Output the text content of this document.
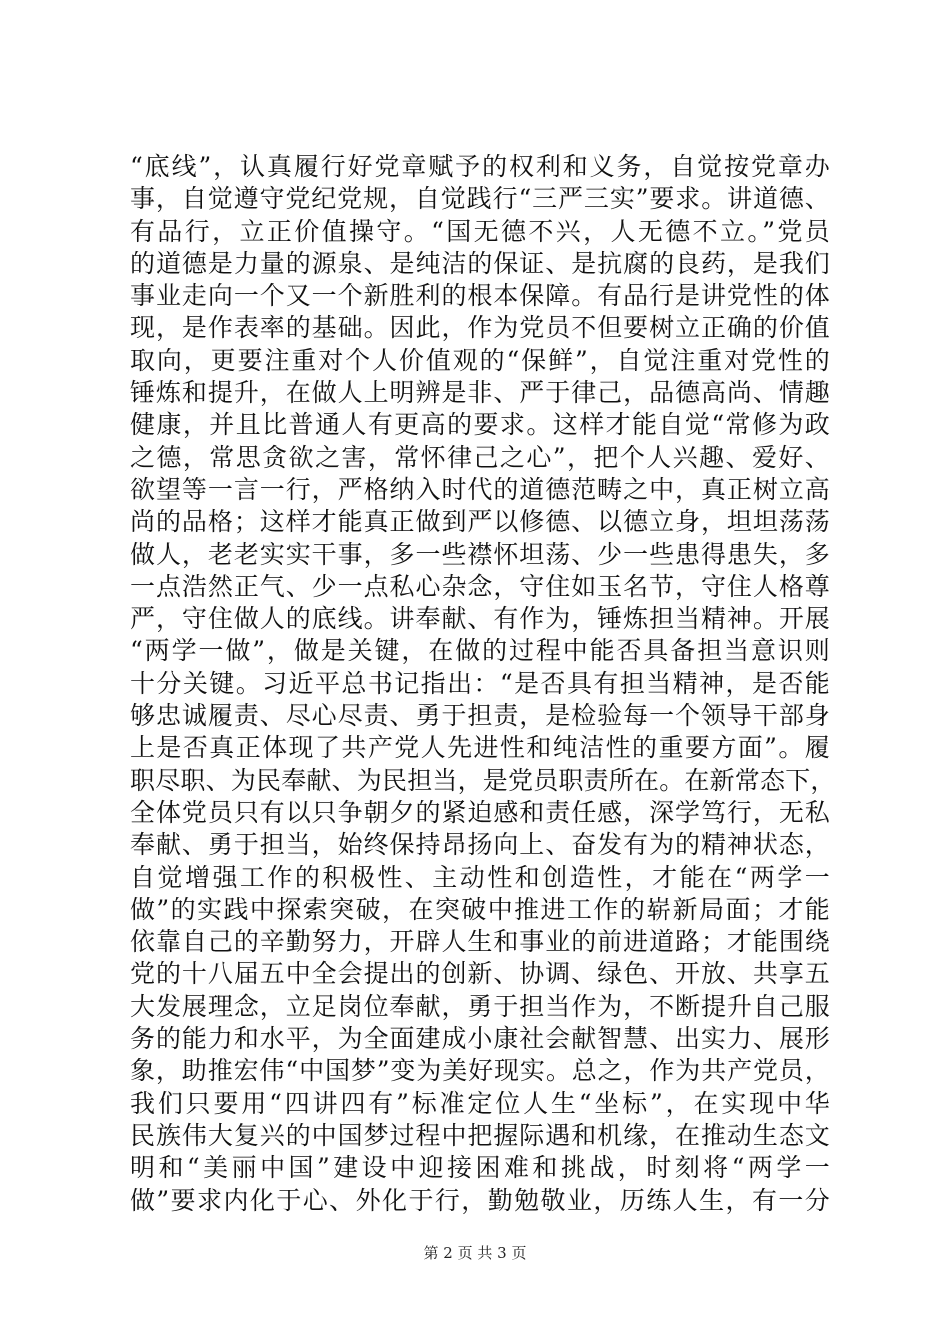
“底线”，认真履行好党章赋予的权利和义务，自觉按党章办
事，自觉遵守党纪党规，自觉践行“三严三实”要求。讲道德、
有品行，立正价值操守。“国无德不兴，人无德不立。”党员
的道德是力量的源泉、是纯洁的保证、是抗腐的良药，是我们
事业走向一个又一个新胜利的根本保障。有品行是讲党性的体
现，是作表率的基础。因此，作为党员不但要树立正确的价值
取向，更要注重对个人价值观的“保鲜”，自觉注重对党性的
锤炼和提升，在做人上明辨是非、严于律己，品德高尚、情趣
健康，并且比普通人有更高的要求。这样才能自觉“常修为政
之德，常思贪欲之害，常怀律己之心”，把个人兴趣、爱好、
欲望等一言一行，严格纳入时代的道德范畴之中，真正树立高
尚的品格；这样才能真正做到严以修德、以德立身，坦坦荡荡
做人，老老实实干事，多一些襟怀坦荡、少一些患得患失，多
一点浩然正气、少一点私心杂念，守住如玉名节，守住人格尊
严，守住做人的底线。讲奉献、有作为，锤炼担当精神。开展
“两学一做”，做是关键，在做的过程中能否具备担当意识则
十分关键。习近平总书记指出：“是否具有担当精神，是否能
够忠诚履责、尽心尽责、勇于担责，是检验每一个领导干部身
上是否真正体现了共产党人先进性和纯洁性的重要方面”。履
职尽职、为民奉献、为民担当，是党员职责所在。在新常态下，
全体党员只有以只争朝夕的紧迫感和责任感，深学笃行，无私
奉献、勇于担当，始终保持昂扬向上、奋发有为的精神状态，
自觉增强工作的积极性、主动性和创造性，才能在“两学一
做”的实践中探索突破，在突破中推进工作的崭新局面；才能
依靠自己的辛勤努力，开辟人生和事业的前进道路；才能围绕
党的十八届五中全会提出的创新、协调、绿色、开放、共享五
大发展理念，立足岗位奉献，勇于担当作为，不断提升自己服
务的能力和水平，为全面建成小康社会献智慧、出实力、展形
象，助推宏伟“中国梦”变为美好现实。总之，作为共产党员，
我们只要用“四讲四有”标准定位人生“坐标”，在实现中华
民族伟大复兴的中国梦过程中把握际遇和机缘，在推动生态文
明和“美丽中国”建设中迎接困难和挑战，时刻将“两学一
做”要求内化于心、外化于行，勤勉敬业，历练人生，有一分
第 2 页 共 3 页
